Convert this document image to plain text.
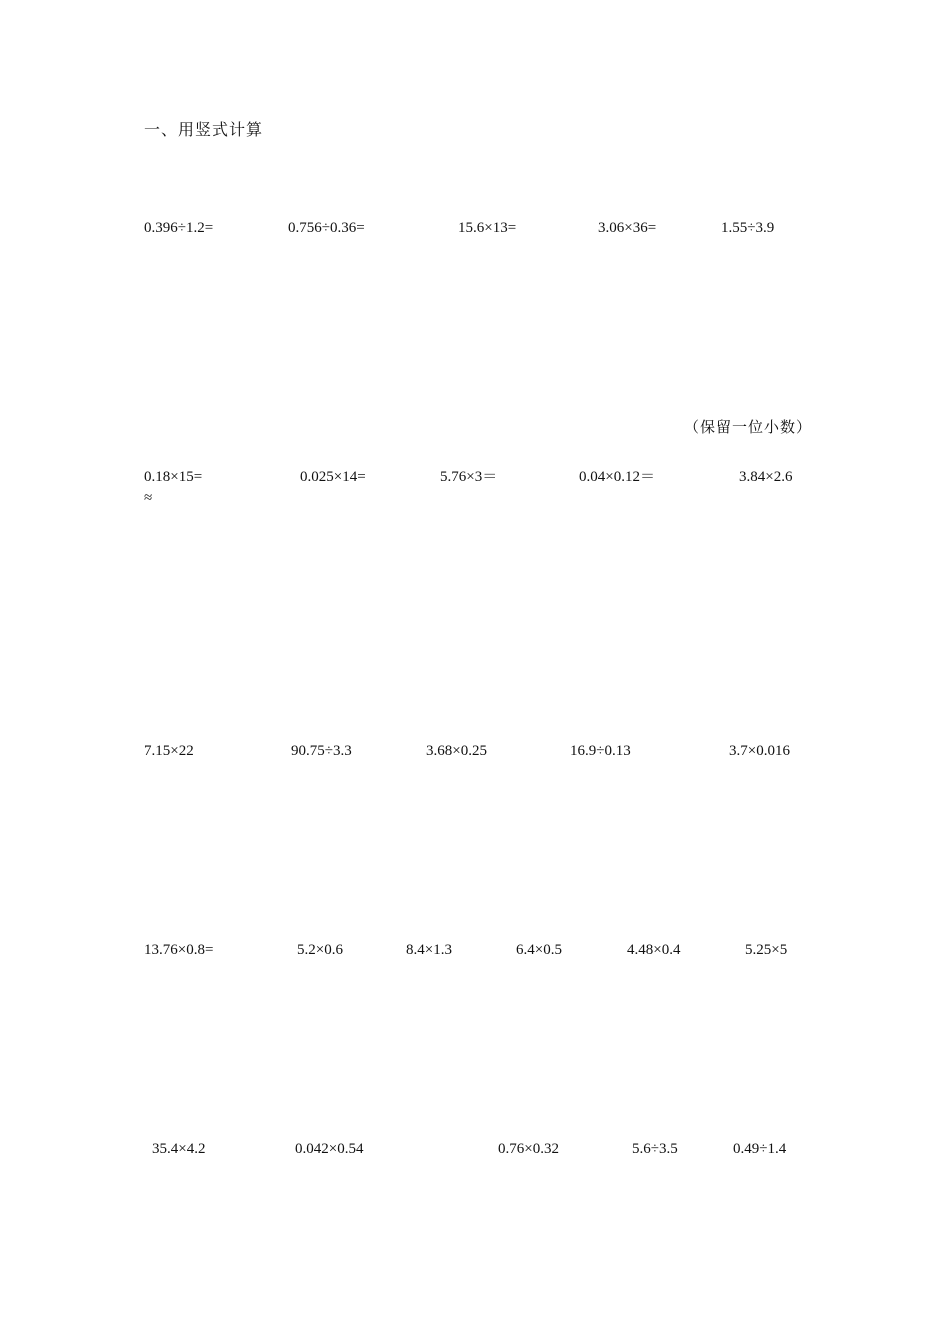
一、用竖式计算
0.396÷1.2=	0.756÷0.36=	15.6×13=	3.06×36=	1.55÷3.9
（保留一位小数）
0.18×15=	0.025×14=	5.76×3＝	0.04×0.12＝	3.84×2.6
≈
7.15×22	90.75÷3.3	3.68×0.25	16.9÷0.13	3.7×0.016
13.76×0.8=	5.2×0.6	8.4×1.3	6.4×0.5	4.48×0.4	5.25×5
35.4×4.2	0.042×0.54	0.76×0.32	5.6÷3.5	0.49÷1.4
